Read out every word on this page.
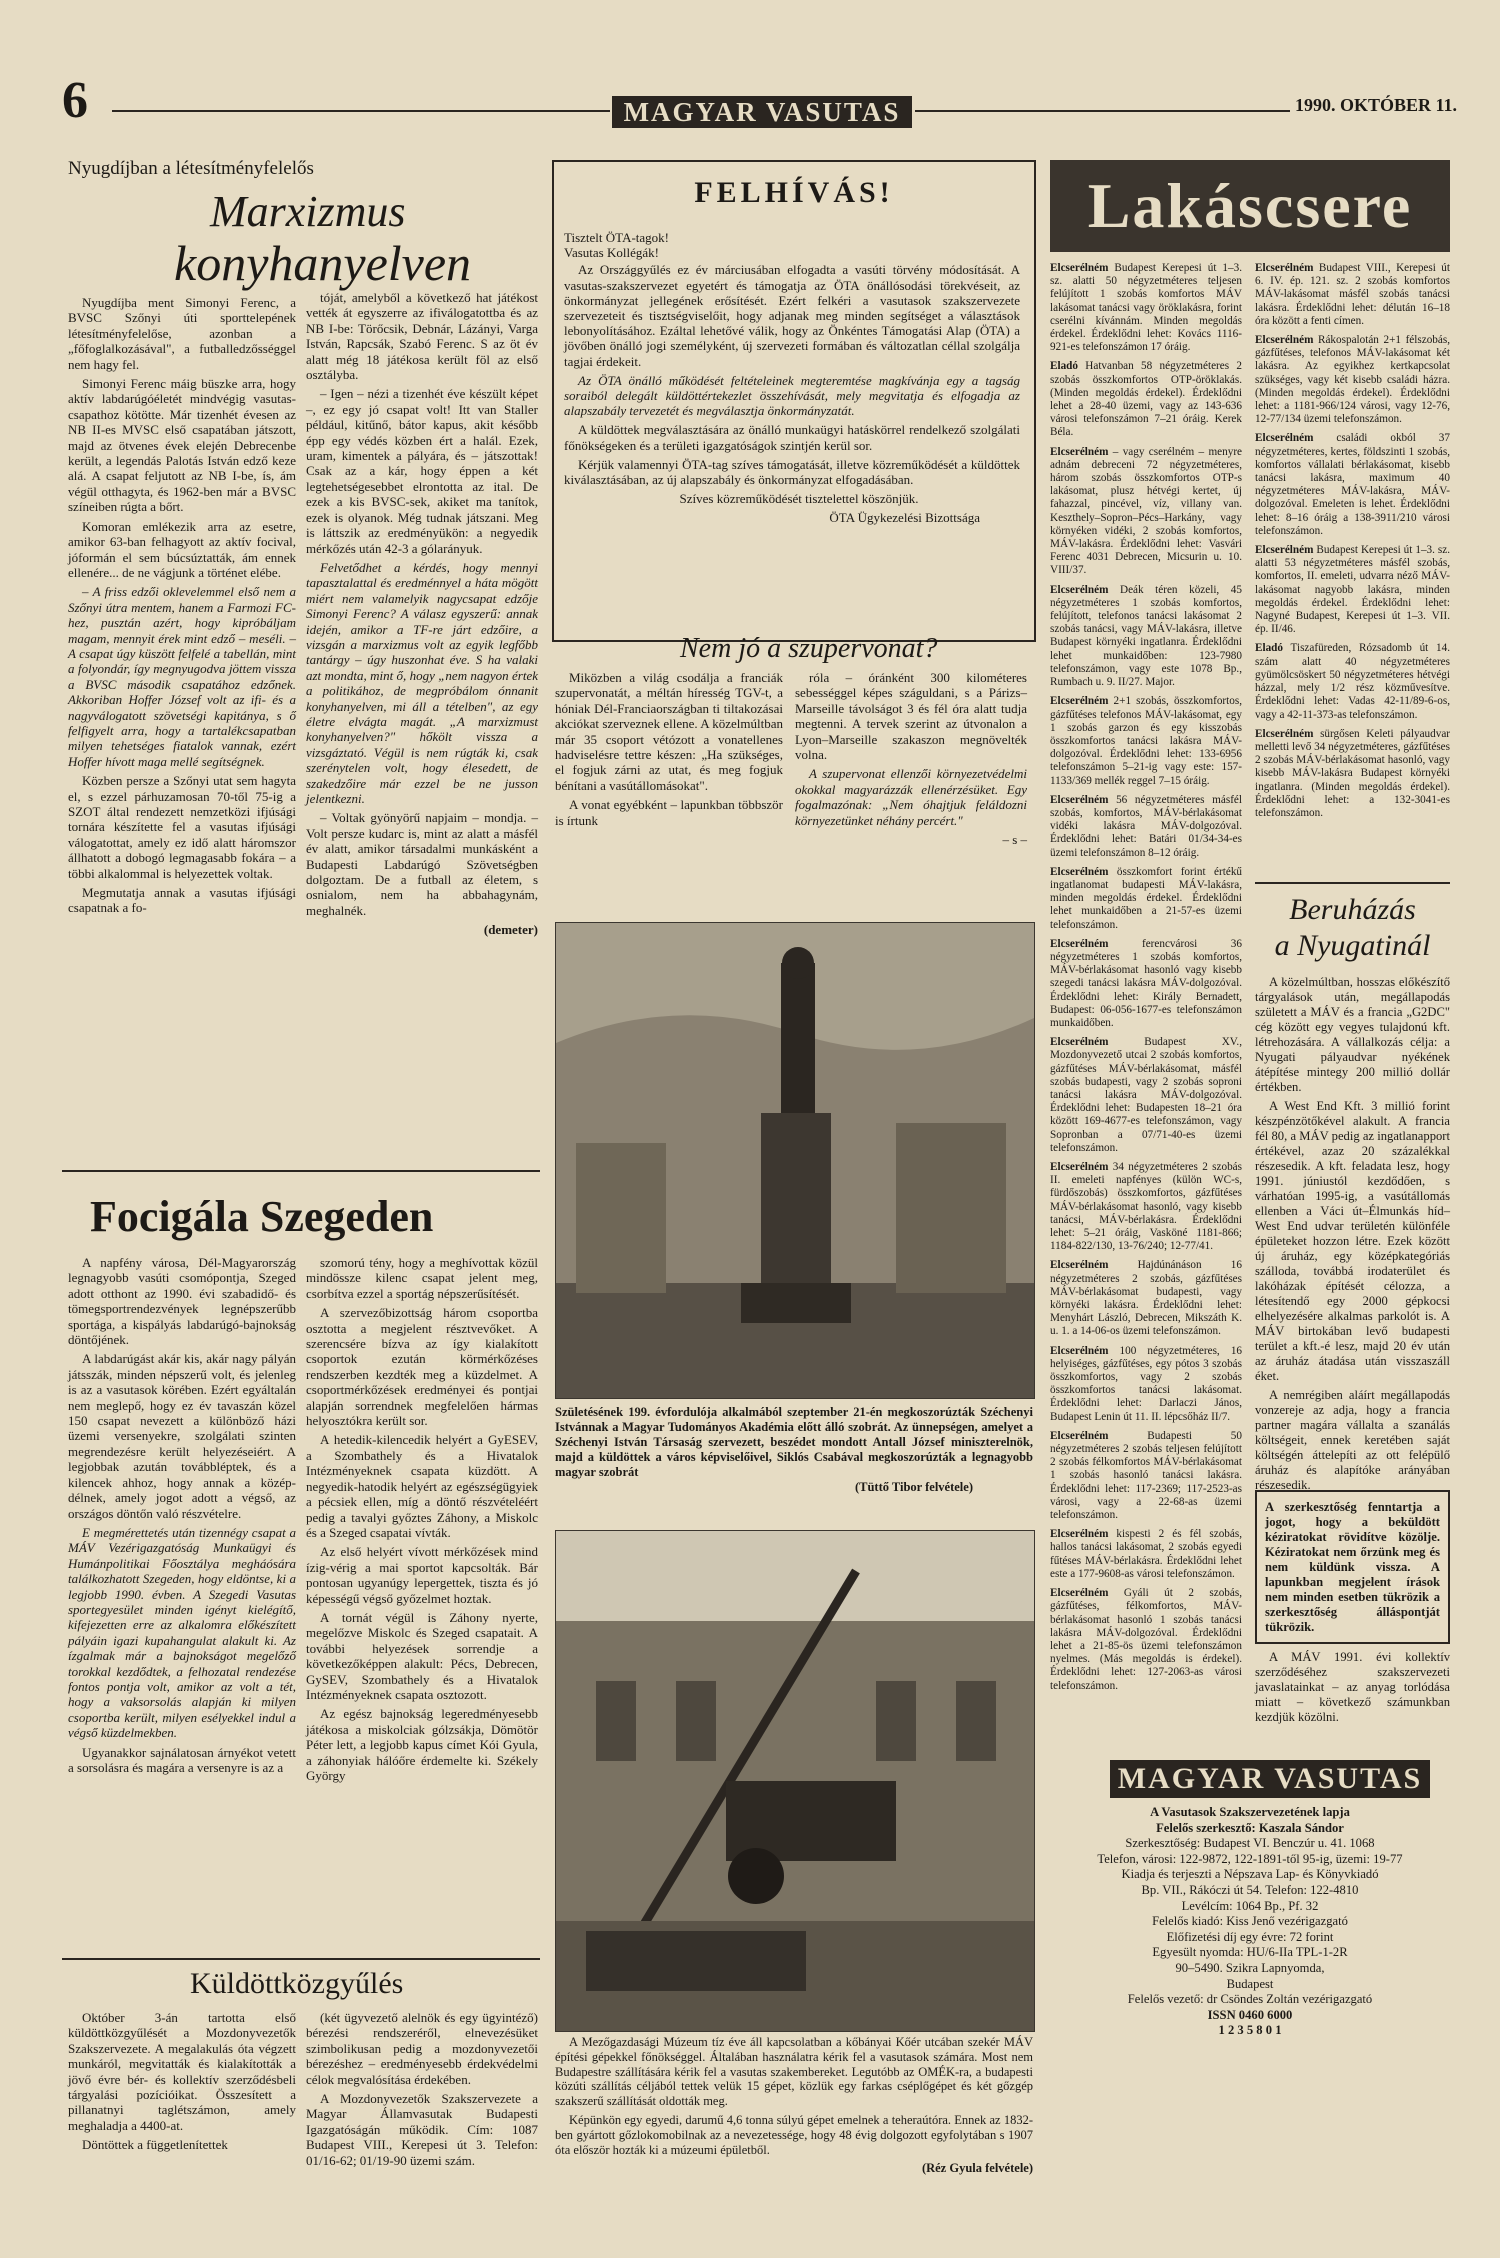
6	MAGYAR VASUTAS	1990. OKTÓBER 11.
Nyugdíjban a létesítményfelelős
Marxizmus
konyhanyelven

Nyugdíjba ment Simonyi Ferenc, a BVSC Szőnyi úti sporttelepének létesítményfelelőse, azonban a „főfoglalkozásával", a futballedzősséggel nem hagy fel.

Simonyi Ferenc máig büszke arra, hogy aktív labdarúgóéletét mindvégig vasutas-csapathoz kötötte. Már tizenhét évesen az NB II-es MVSC első csapatában játszott, majd az ötvenes évek elején Debrecenbe került, a legendás Palotás István edző keze alá. A csapat feljutott az NB I-be, ís, ám végül otthagyta, és 1962-ben már a BVSC színeiben rúgta a bőrt.

Komoran emlékezik arra az esetre, amikor 63-ban felhagyott az aktív focival, jóformán el sem búcsúztatták, ám ennek ellenére... de ne vágjunk a történet elébe.

– A friss edzői oklevelemmel első nem a Szőnyi útra mentem, hanem a Farmozi FC-hez, pusztán azért, hogy kipróbáljam magam, mennyit érek mint edző – meséli. – A csapat úgy küszött felfelé a tabellán, mint a folyondár, így megnyugodva jöttem vissza a BVSC második csapatához edzőnek. Akkoriban Hoffer József volt az ifi- és a nagyválogatott szövetségi kapitánya, s ő felfigyelt arra, hogy a tartalékcsapatban milyen tehetséges fiatalok vannak, ezért Hoffer hívott maga mellé segítségnek.

Közben persze a Szőnyi utat sem hagyta el, s ezzel párhuzamosan 70-től 75-ig a SZOT által rendezett nemzetközi ifjúsági tornára készítette fel a vasutas ifjúsági válogatottat, amely ez idő alatt háromszor állhatott a dobogó legmagasabb fokára – a többi alkalommal is helyezettek voltak.

Megmutatja annak a vasutas ifjúsági csapatnak a fo-

tóját, amelyből a következő hat játékost vették át egyszerre az ifiválogatottba és az NB I-be: Törőcsik, Debnár, Lázányi, Varga István, Rapcsák, Szabó Ferenc. S az öt év alatt még 18 játékosa került föl az első osztályba.

– Igen – nézi a tizenhét éve készült képet –, ez egy jó csapat volt! Itt van Staller például, kitűnő, bátor kapus, akit később épp egy védés közben ért a halál. Ezek, uram, kimentek a pályára, és – játszottak! Csak az a kár, hogy éppen a két legtehetségesebbet elrontotta az ital. De ezek a kis BVSC-sek, akiket ma tanítok, ezek is olyanok. Még tudnak játszani. Meg is láttszik az eredményükön: a negyedik mérkőzés után 42-3 a gólarányuk.

Felvetődhet a kérdés, hogy mennyi tapasztalattal és eredménnyel a háta mögött miért nem valamelyik nagycsapat edzője Simonyi Ferenc? A válasz egyszerű: annak idején, amikor a TF-re járt edzőire, a vizsgán a marxizmus volt az egyik legfőbb tantárgy – úgy huszonhat éve. S ha valaki azt mondta, mint ő, hogy „nem nagyon értek a politikához, de megpróbálom ónnanit konyhanyelven, mi áll a tételben", az egy életre elvágta magát. „A marxizmust konyhanyelven?" hőkölt vissza a vizsgáztató. Végül is nem rúgták ki, csak szerénytelen volt, hogy élesedett, de szakedzőire már ezzel be ne jusson jelentkezni.

– Voltak gyönyörű napjaim – mondja. – Volt persze kudarc is, mint az alatt a másfél év alatt, amikor társadalmi munkásként a Budapesti Labdarúgó Szövetségben dolgoztam. De a futball az életem, s osnialom, nem ha abbahagynám, meghalnék.

(demeter)

Focigála Szegeden

A napfény városa, Dél-Magyarország legnagyobb vasúti csomópontja, Szeged adott otthont az 1990. évi szabadidő- és tömegsportrendezvények legnépszerűbb sportága, a kispályás labdarúgó-bajnokság döntőjének.

A labdarúgást akár kis, akár nagy pályán játsszák, minden népszerű volt, és jelenleg is az a vasutasok körében. Ezért egyáltalán nem meglepő, hogy ez év tavaszán közel 150 csapat nevezett a különböző házi üzemi versenyekre, szolgálati szinten megrendezésre került helyezéseiért. A legjobbak azután továbbléptek, és a kilencek ahhoz, hogy annak a közép-délnek, amely jogot adott a végső, az országos döntőn való részvételre.

E megmérettetés után tizennégy csapat a MÁV Vezérigazgatóság Munkaügyi és Humánpolitikai Főosztálya megháósára találkozhatott Szegeden, hogy eldöntse, ki a legjobb 1990. évben. A Szegedi Vasutas sportegyesület minden igényt kielégítő, kifejezetten erre az alkalomra előkészített pályáin igazi kupahangulat alakult ki. Az ízgalmak már a bajnokságot megelőző torokkal kezdődtek, a felhozatal rendezése fontos pontja volt, amikor az volt a tét, hogy a vaksorsolás alapján ki milyen csoportba került, milyen esélyekkel indul a végső küzdelmekben.

Ugyanakkor sajnálatosan árnyékot vetett a sorsolásra és magára a versenyre is az a

szomorú tény, hogy a meghívottak közül mindössze kilenc csapat jelent meg, csorbítva ezzel a sportág népszerűsítését.

A szervezőbizottság három csoportba osztotta a megjelent résztvevőket. A szerencsére bízva az így kialakított csoportok ezután körmérkőzéses rendszerben kezdték meg a küzdelmet. A csoportmérkőzések eredményei és pontjai alapján sorrendnek megfelelően hármas helyosztókra került sor.

A hetedik-kilencedik helyért a GyESEV, a Szombathely és a Hivatalok Intézményeknek csapata küzdött. A negyedik-hatodik helyért az egészségügyiek a pécsiek ellen, míg a döntő részvételéért pedig a tavalyi győztes Záhony, a Miskolc és a Szeged csapatai vívták.

Az első helyért vívott mérkőzések mind ízig-vérig a mai sportot kapcsolták. Bár pontosan ugyanúgy lepergettek, tiszta és jó képességű végső győzelmet hoztak.

A tornát végül is Záhony nyerte, megelőzve Miskolc és Szeged csapatait. A további helyezések sorrendje a következőképpen alakult: Pécs, Debrecen, GySEV, Szombathely és a Hivatalok Intézményeknek csapata osztozott.

Az egész bajnokság legeredményesebb játékosa a miskolciak gólzsákja, Dömötör Péter lett, a legjobb kapus címet Kói Gyula, a záhonyiak hálóőre érdemelte ki. Székely György

Küldöttközgyűlés

Október 3-án tartotta első küldöttközgyűlését a Mozdonyvezetők Szakszervezete. A megalakulás óta végzett munkáról, megvitatták és kialakították a jövő évre bér- és kollektív szerződésbeli tárgyalási pozícióikat. Összesített a pillanatnyi taglétszámon, amely meghaladja a 4400-at.

Döntöttek a függetlenítettek

(két ügyvezető alelnök és egy ügyintéző) bérezési rendszeréről, elnevezésüket szimbolikusan pedig a mozdonyvezetői bérezéshez – eredményesebb érdekvédelmi célok megvalósítása érdekében.

A Mozdonyvezetők Szakszervezete a Magyar Államvasutak Budapesti Igazgatóságán működik. Cím: 1087 Budapest VIII., Kerepesi út 3. Telefon: 01/16-62; 01/19-90 üzemi szám.

FELHÍVÁS!
Tisztelt ÖTA-tagok!
Vasutas Kollégák!

Az Országgyűlés ez év márciusában elfogadta a vasúti törvény módosítását. A vasutas-szakszervezet egyetért és támogatja az ÖTA önállósodási törekvéseit, az önkormányzat jellegének erősítését. Ezért felkéri a vasutasok szakszervezete szervezeteit és tisztségviselőit, hogy adjanak meg minden segítséget a választások lebonyolításához. Ezáltal lehetővé válik, hogy az Önkéntes Támogatási Alap (ÖTA) a jövőben önálló jogi személyként, új szervezeti formában és változatlan céllal szolgálja tagjai érdekeit.

Az ÖTA önálló működését feltételeinek megteremtése magkívánja egy a tagság soraiból delegált küldöttértekezlet összehívását, mely megvitatja és elfogadja az alapszabály tervezetét és megválasztja önkormányzatát.

A küldöttek megválasztására az önálló munkaügyi hatáskörrel rendelkező szolgálati főnökségeken és a területi igazgatóságok szintjén kerül sor.

Kérjük valamennyi ÖTA-tag szíves támogatását, illetve közreműködését a küldöttek kiválasztásában, az új alapszabály és önkormányzat elfogadásában.

Szíves közreműködését tisztelettel köszönjük.

ÖTA Ügykezelési Bizottsága
Nem jó a szupervonat?

Miközben a világ csodálja a franciák szupervonatát, a méltán híresség TGV-t, a hóniak Dél-Franciaországban ti tiltakozásai akciókat szerveznek ellene. A közelmúltban már 35 csoport vétózott a vonatellenes hadviselésre tettre készen: „Ha szükséges, el fogjuk zárni az utat, és meg fogjuk bénítani a vasútállomásokat".

A vonat egyébként – lapunkban többször is írtunk

róla – óránként 300 kilométeres sebességgel képes száguldani, s a Párizs–Marseille távolságot 3 és fél óra alatt tudja megtenni. A tervek szerint az útvonalon a Lyon–Marseille szakaszon megnövelték volna.

A szupervonat ellenzői környezetvédelmi okokkal magyarázzák ellenérzésüket. Egy fogalmazónak: „Nem óhajtjuk feláldozni környezetünket néhány percért."

– s –

Születésének 199. évfordulója alkalmából szeptember 21-én megkoszorúzták Széchenyi Istvánnak a Magyar Tudományos Akadémia előtt álló szobrát. Az ünnepségen, amelyet a Széchenyi István Társaság szervezett, beszédet mondott Antall József miniszterelnök, majd a küldöttek a város képviselőivel, Siklós Csabával megkoszorúzták a legnagyobb magyar szobrát
(Tüttő Tibor felvétele)

A Mezőgazdasági Múzeum tíz éve áll kapcsolatban a kőbányai Kőér utcában szekér MÁV építési gépekkel főnökséggel. Általában használatra kérik fel a vasutasok számára. Most nem Budapestre szállítására kérik fel a vasutas szakembereket. Legutóbb az OMÉK-ra, a budapesti közúti szállítás céljából tettek velük 15 gépet, közlük egy farkas cséplőgépet és két gőzgép szakszerű szállítását oldották meg.

Képünkön egy egyedi, darumű 4,6 tonna súlyú gépet emelnek a teheraútóra. Ennek az 1832-ben gyártott gőzlokomobilnak az a nevezetessége, hogy 48 évig dolgozott egyfolytában s 1907 óta először hozták ki a múzeumi épületből.

(Réz Gyula felvétele)
Lakáscsere
Elcserélném Budapest Kerepesi út 1–3. sz. alatti 50 négyzetméteres teljesen felújított 1 szobás komfortos MÁV lakásomat tanácsi vagy öröklakásra, forint cserélni kívánnám. Minden megoldás érdekel. Érdeklődni lehet: Kovács 1116-921-es telefonszámon 17 óráig.
Eladó Hatvanban 58 négyzetméteres 2 szobás összkomfortos OTP-öröklakás. (Minden megoldás érdekel). Érdeklődni lehet a 28-40 üzemi, vagy az 143-636 városi telefonszámon 7–21 óráig. Kerek Béla.
Elcserélném – vagy cserélném – menyre adnám debreceni 72 négyzetméteres, három szobás összkomfortos OTP-s lakásomat, plusz hétvégi kertet, új fahazzal, pincével, víz, villany van. Keszthely–Sopron–Pécs–Harkány, vagy környéken vidéki, 2 szobás komfortos, MÁV-lakásra. Érdeklődni lehet: Vasvári Ferenc 4031 Debrecen, Micsurin u. 10. VIII/37.
Elcserélném Deák téren közeli, 45 négyzetméteres 1 szobás komfortos, felújított, telefonos tanácsi lakásomat 2 szobás tanácsi, vagy MÁV-lakásra, illetve Budapest környéki ingatlanra. Érdeklődni lehet munkaidőben: 123-7980 telefonszámon, vagy este 1078 Bp., Rumbach u. 9. II/27. Major.
Elcserélném 2+1 szobás, összkomfortos, gázfűtéses telefonos MÁV-lakásomat, egy 1 szobás garzon és egy kisszobás összkomfortos tanácsi lakásra MÁV-dolgozóval. Érdeklődni lehet: 133-6956 telefonszámon 5–21-ig vagy este: 157-1133/369 mellék reggel 7–15 óráig.
Elcserélném 56 négyzetméteres másfél szobás, komfortos, MÁV-bérlakásomat vidéki lakásra MÁV-dolgozóval. Érdeklődni lehet: Batári 01/34-34-es üzemi telefonszámon 8–12 óráig.
Elcserélném összkomfort forint értékű ingatlanomat budapesti MÁV-lakásra, minden megoldás érdekel. Érdeklődni lehet munkaidőben a 21-57-es üzemi telefonszámon.
Elcserélném	ferencvárosi 36 négyzetméteres 1 szobás komfortos, MÁV-bérlakásomat hasonló vagy kisebb szegedi tanácsi lakásra MÁV-dolgozóval. Érdeklődni lehet: Király Bernadett, Budapest: 06-056-1677-es telefonszámon munkaidőben.
Elcserélném	Budapest XV., Mozdonyvezető utcai 2 szobás komfortos, gázfűtéses MÁV-bérlakásomat, másfél szobás budapesti, vagy 2 szobás soproni tanácsi lakásra MÁV-dolgozóval. Érdeklődni lehet: Budapesten 18–21 óra között 169-4677-es telefonszámon, vagy Sopronban a 07/71-40-es üzemi telefonszámon.
Elcserélném 34 négyzetméteres 2 szobás II. emeleti napfényes (külön WC-s, fürdőszobás) összkomfortos, gázfűtéses MÁV-bérlakásomat hasonló, vagy kisebb tanácsi, MÁV-bérlakásra. Érdeklődni lehet: 5–21 óráig, Vasköné 1181-866; 1184-822/130, 13-76/240; 12-77/41.
Elcserélném	Hajdúnánáson 16 négyzetméteres 2 szobás, gázfűtéses MÁV-bérlakásomat budapesti, vagy környéki lakásra. Érdeklődni lehet: Menyhárt László, Debrecen, Mikszáth K. u. 1. a 14-06-os üzemi telefonszámon.
Elcserélném 100 négyzetméteres, 16 helyiséges, gázfűtéses, egy pótos 3 szobás összkomfortos, vagy 2 szobás összkomfortos tanácsi lakásomat. Érdeklődni lehet: Darlaczi János, Budapest Lenin út 11. II. lépcsőház II/7.
Elcserélném	Budapesti 50 négyzetméteres 2 szobás teljesen felújított 2 szobás félkomfortos MÁV-bérlakásomat 1 szobás hasonló tanácsi lakásra. Érdeklődni lehet: 117-2369; 117-2523-as városi, vagy a 22-68-as üzemi telefonszámon.
Elcserélném kispesti 2 és fél szobás, hallos tanácsi lakásomat, 2 szobás egyedi fűtéses MÁV-bérlakásra. Érdeklődni lehet este a 177-9608-as városi telefonszámon.
Elcserélném Gyáli út 2 szobás, gázfűtéses, félkomfortos, MÁV-bérlakásomat hasonló 1 szobás tanácsi lakásra MÁV-dolgozóval. Érdeklődni lehet a 21-85-ös üzemi telefonszámon nyelmes. (Más megoldás is érdekel). Érdeklődni lehet: 127-2063-as városi telefonszámon.
Elcserélném Budapest VIII., Kerepesi út 6. IV. ép. 121. sz. 2 szobás komfortos MÁV-lakásomat másfél szobás tanácsi lakásra. Érdeklődni lehet: délután 16–18 óra között a fenti címen.
Elcserélném Rákospalotán 2+1 félszobás, gázfűtéses, telefonos MÁV-lakásomat két lakásra. Az egyikhez kertkapcsolat szükséges, vagy két kisebb családi házra. (Minden megoldás érdekel). Érdeklődni lehet: a 1181-966/124 városi, vagy 12-76, 12-77/134 üzemi telefonszámon.
Elcserélném családi okból 37 négyzetméteres, kertes, földszinti 1 szobás, komfortos vállalati bérlakásomat, kisebb tanácsi lakásra, maximum 40 négyzetméteres MÁV-lakásra, MÁV-dolgozóval. Emeleten is lehet. Érdeklődni lehet: 8–16 óráig a 138-3911/210 városi telefonszámon.
Elcserélném Budapest Kerepesi út 1–3. sz. alatti 53 négyzetméteres másfél szobás, komfortos, II. emeleti, udvarra néző MÁV-lakásomat nagyobb lakásra, minden megoldás érdekel. Érdeklődni lehet: Nagyné Budapest, Kerepesi út 1–3. VII. ép. II/46.
Eladó Tiszafüreden, Rózsadomb út 14. szám alatt 40 négyzetméteres gyümölcsöskert 50 négyzetméteres hétvégi házzal, mely 1/2 rész közművesítve. Érdeklődni lehet: Vadas 42-11/89-6-os, vagy a 42-11-373-as telefonszámon.
Elcserélném sürgősen Keleti pályaudvar melletti levő 34 négyzetméteres, gázfűtéses 2 szobás MÁV-bérlakásomat hasonló, vagy kisebb MÁV-lakásra Budapest környéki ingatlanra. (Minden megoldás érdekel). Érdeklődni lehet: a 132-3041-es telefonszámon.
Beruházás
a Nyugatinál

A közelmúltban, hosszas előkészítő tárgyalások után, megállapodás született a MÁV és a francia „G2DC" cég között egy vegyes tulajdonú kft. létrehozására. A vállalkozás célja: a Nyugati pályaudvar nyékének átépítése mintegy 200 millió dollár értékben.

A West End Kft. 3 millió forint készpénzötőkével alakult. A francia fél 80, a MÁV pedig az ingatlanapport értékével, azaz 20 százalékkal részesedik. A kft. feladata lesz, hogy 1991. júniustól kezdődően, s várhatóan 1995-ig, a vasútállomás ellenben a Váci út–Élmunkás híd–West End udvar területén különféle épületeket hozzon létre. Ezek között új áruház, egy középkategóriás szálloda, továbbá irodaterület és lakóházak építését célozza, a létesítendő egy 2000 gépkocsi elhelyezésére alkalmas parkolót is. A MÁV birtokában levő budapesti terület a kft.-é lesz, majd 20 év után az áruház átadása után visszaszáll éket.

A nemrégiben aláírt megállapodás vonzereje az adja, hogy a francia partner magára vállalta a szanálás költségeit, ennek keretében saját költségén áttelepíti az ott felépülő áruház és alapítóke arányában részesedik.

A szerkesztőség fenntartja a jogot, hogy a beküldött kéziratokat rövidítve közölje. Kéziratokat nem őrzünk meg és nem küldünk vissza. A lapunkban megjelent írások nem minden esetben tükrözik a szerkesztőség álláspontját tükrözik.

A MÁV 1991. évi kollektív szerződéséhez szakszervezeti javaslatainkat – az anyag torlódása miatt – következő számunkban kezdjük közölni.

MAGYAR VASUTAS
A Vasutasok Szakszervezetének lapja
Felelős szerkesztő: Kaszala Sándor
Szerkesztőség: Budapest VI. Benczúr u. 41. 1068
Telefon, városi: 122-9872, 122-1891-től 95-ig, üzemi: 19-77
Kiadja és terjeszti a Népszava Lap- és Könyvkiadó
Bp. VII., Rákóczi út 54. Telefon: 122-4810
Levélcím: 1064 Bp., Pf. 32
Felelős kiadó: Kiss Jenő vezérigazgató
Előfizetési díj egy évre: 72 forint
Egyesült nyomda: HU/6-IIa TPL-1-2R
90–5490. Szikra Lapnyomda,
Budapest
Felelős vezető: dr Csöndes Zoltán vezérigazgató
ISSN 0460 6000
1 2 3 5 8 0 1
